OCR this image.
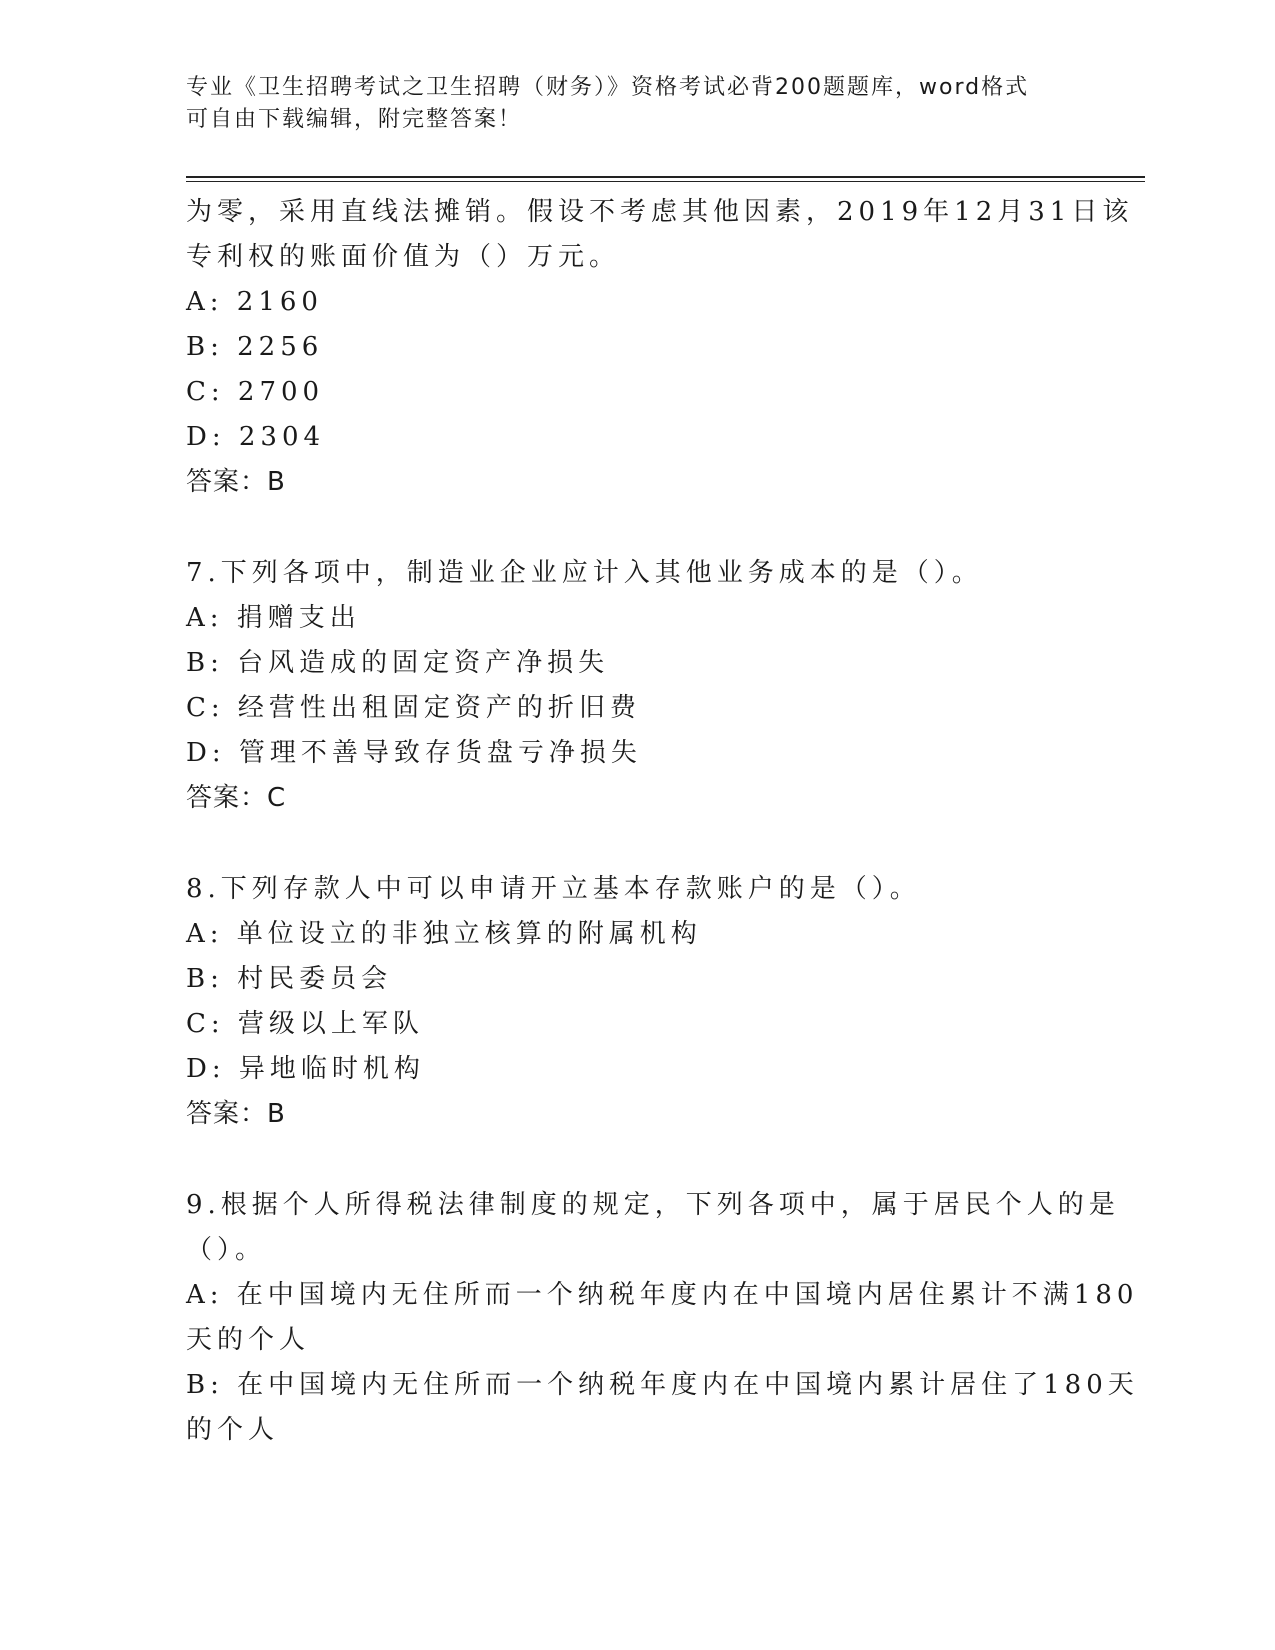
专业《卫生招聘考试之卫生招聘（财务）》资格考试必背200题题库，word格式
可自由下载编辑，附完整答案！

为零，采用直线法摊销。假设不考虑其他因素，2019年12月31日该

专利权的账面价值为（）万元。

A: 2160

B: 2256

C: 2700

D: 2304

答案：B

7.下列各项中，制造业企业应计入其他业务成本的是（）。

A: 捐赠支出

B: 台风造成的固定资产净损失

C: 经营性出租固定资产的折旧费

D: 管理不善导致存货盘亏净损失

答案：C

8.下列存款人中可以申请开立基本存款账户的是（）。

A: 单位设立的非独立核算的附属机构

B: 村民委员会

C: 营级以上军队

D: 异地临时机构

答案：B

9.根据个人所得税法律制度的规定，下列各项中，属于居民个人的是

（）。

A: 在中国境内无住所而一个纳税年度内在中国境内居住累计不满180

天的个人

B: 在中国境内无住所而一个纳税年度内在中国境内累计居住了180天

的个人
